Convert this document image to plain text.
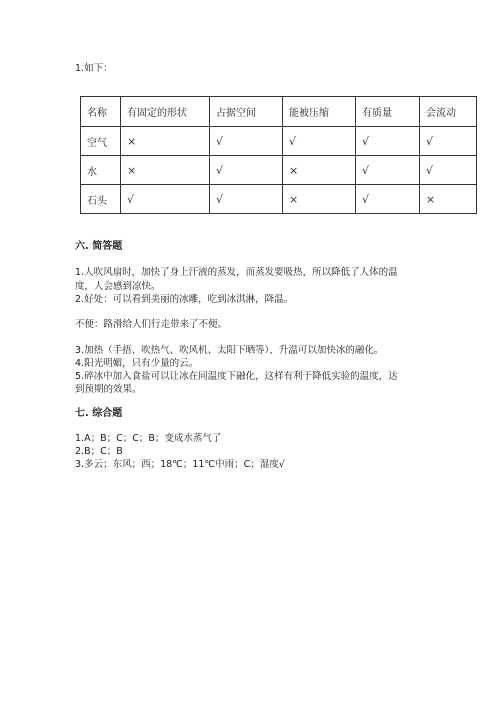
1.如下：
名称	有固定的形状	占据空间	能被压缩	有质量	会流动
空气	×	√	√	√	√
水	×	√	×	√	√
石头	√	√	×	√	×
六. 简答题
1.人吹风扇时，加快了身上汗液的蒸发，而蒸发要吸热，所以降低了人体的温
度，人会感到凉快。
2.好处：可以看到美丽的冰雕，吃到冰淇淋，降温。
不便：路滑给人们行走带来了不便。
3.加热（手捂、吹热气、吹风机、太阳下晒等），升温可以加快冰的融化。
4.阳光明媚，只有少量的云。
5.碎冰中加入食盐可以让冰在同温度下融化，这样有利于降低实验的温度，达
到预期的效果。
七. 综合题
1.A；B；C；C；B；变成水蒸气了
2.B；C；B
3.多云；东风；西；18℃；11℃中雨；C；湿度√
